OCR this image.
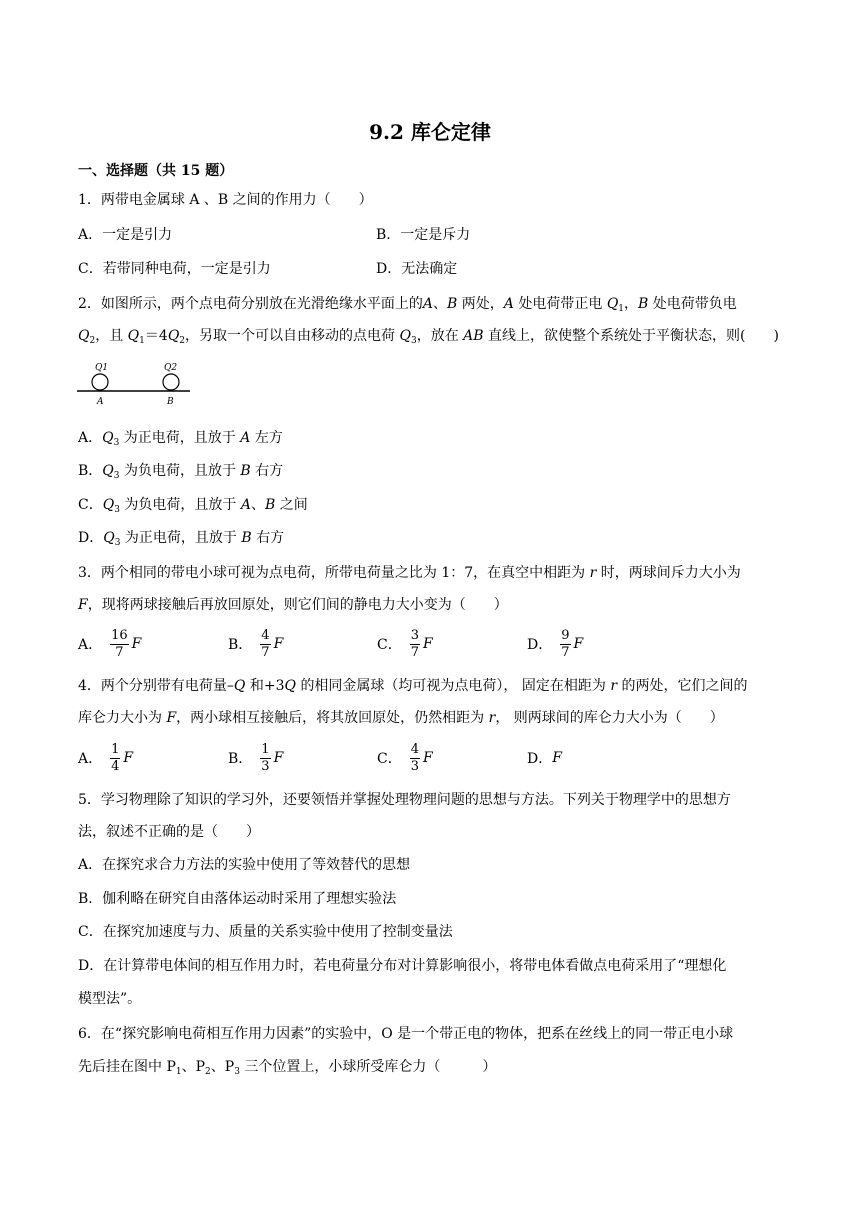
9.2 库仑定律
一、选择题（共 15 题）
1．两带电金属球 A 、B 之间的作用力（　　）
A．一定是引力	B．一定是斥力
C．若带同种电荷，一定是引力	D．无法确定
2．如图所示，两个点电荷分别放在光滑绝缘水平面上的A、B 两处，A 处电荷带正电 $Q_1$，B 处电荷带负电
$Q_2$，且 $Q_1=4Q_2$，另取一个可以自由移动的点电荷 $Q_3$，放在 AB 直线上，欲使整个系统处于平衡状态，则(　　)
Q1	Q2
A	B
A．$Q_3$ 为正电荷，且放于 A 左方
B．$Q_3$ 为负电荷，且放于 B 右方
C．$Q_3$ 为负电荷，且放于 A、B 之间
D．$Q_3$ 为正电荷，且放于 B 右方
3．两个相同的带电小球可视为点电荷，所带电荷量之比为 1：7，在真空中相距为 r 时，两球间斥力大小为
F，现将两球接触后再放回原处，则它们间的静电力大小变为（　　）
A． $\frac{16}{7}$ F	B． $\frac{4}{7}$ F	C． $\frac{3}{7}$ F	D． $\frac{9}{7}$ F
4．两个分别带有电荷量–Q 和+3Q 的相同金属球（均可视为点电荷）， 固定在相距为 r 的两处，它们之间的
库仑力大小为 F，两小球相互接触后，将其放回原处，仍然相距为 r， 则两球间的库仑力大小为（　　）
A． $\frac{1}{4}$ F	B． $\frac{1}{3}$ F	C． $\frac{4}{3}$ F	D． F
5．学习物理除了知识的学习外，还要领悟并掌握处理物理问题的思想与方法。下列关于物理学中的思想方
法，叙述不正确的是（　　）
A．在探究求合力方法的实验中使用了等效替代的思想
B．伽利略在研究自由落体运动时采用了理想实验法
C．在探究加速度与力、质量的关系实验中使用了控制变量法
D．在计算带电体间的相互作用力时，若电荷量分布对计算影响很小，将带电体看做点电荷采用了“理想化
模型法”。
6．在“探究影响电荷相互作用力因素”的实验中，O 是一个带正电的物体，把系在丝线上的同一带正电小球
先后挂在图中 $P_1$、$P_2$、$P_3$ 三个位置上，小球所受库仑力（　　　）
